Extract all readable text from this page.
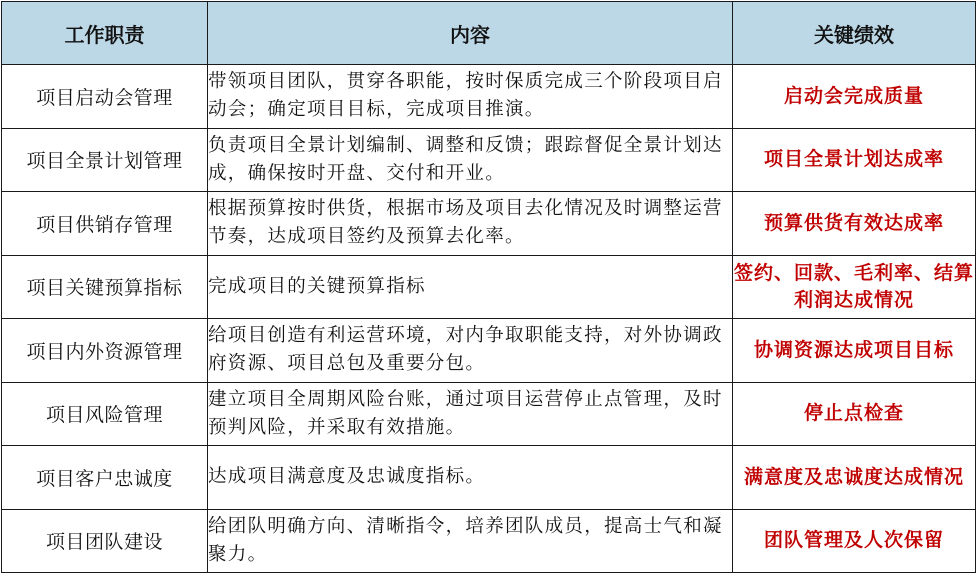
工作职责	内容	关键绩效
项目启动会管理	带领项目团队，贯穿各职能，按时保质完成三个阶段项目启动会；确定项目目标，完成项目推演。	启动会完成质量
项目全景计划管理	负责项目全景计划编制、调整和反馈；跟踪督促全景计划达成，确保按时开盘、交付和开业。	项目全景计划达成率
项目供销存管理	根据预算按时供货，根据市场及项目去化情况及时调整运营节奏，达成项目签约及预算去化率。	预算供货有效达成率
项目关键预算指标	完成项目的关键预算指标	签约、回款、毛利率、结算利润达成情况
项目内外资源管理	给项目创造有利运营环境，对内争取职能支持，对外协调政府资源、项目总包及重要分包。	协调资源达成项目目标
项目风险管理	建立项目全周期风险台账，通过项目运营停止点管理，及时预判风险，并采取有效措施。	停止点检查
项目客户忠诚度	达成项目满意度及忠诚度指标。	满意度及忠诚度达成情况
项目团队建设	给团队明确方向、清晰指令，培养团队成员，提高士气和凝聚力。	团队管理及人次保留
